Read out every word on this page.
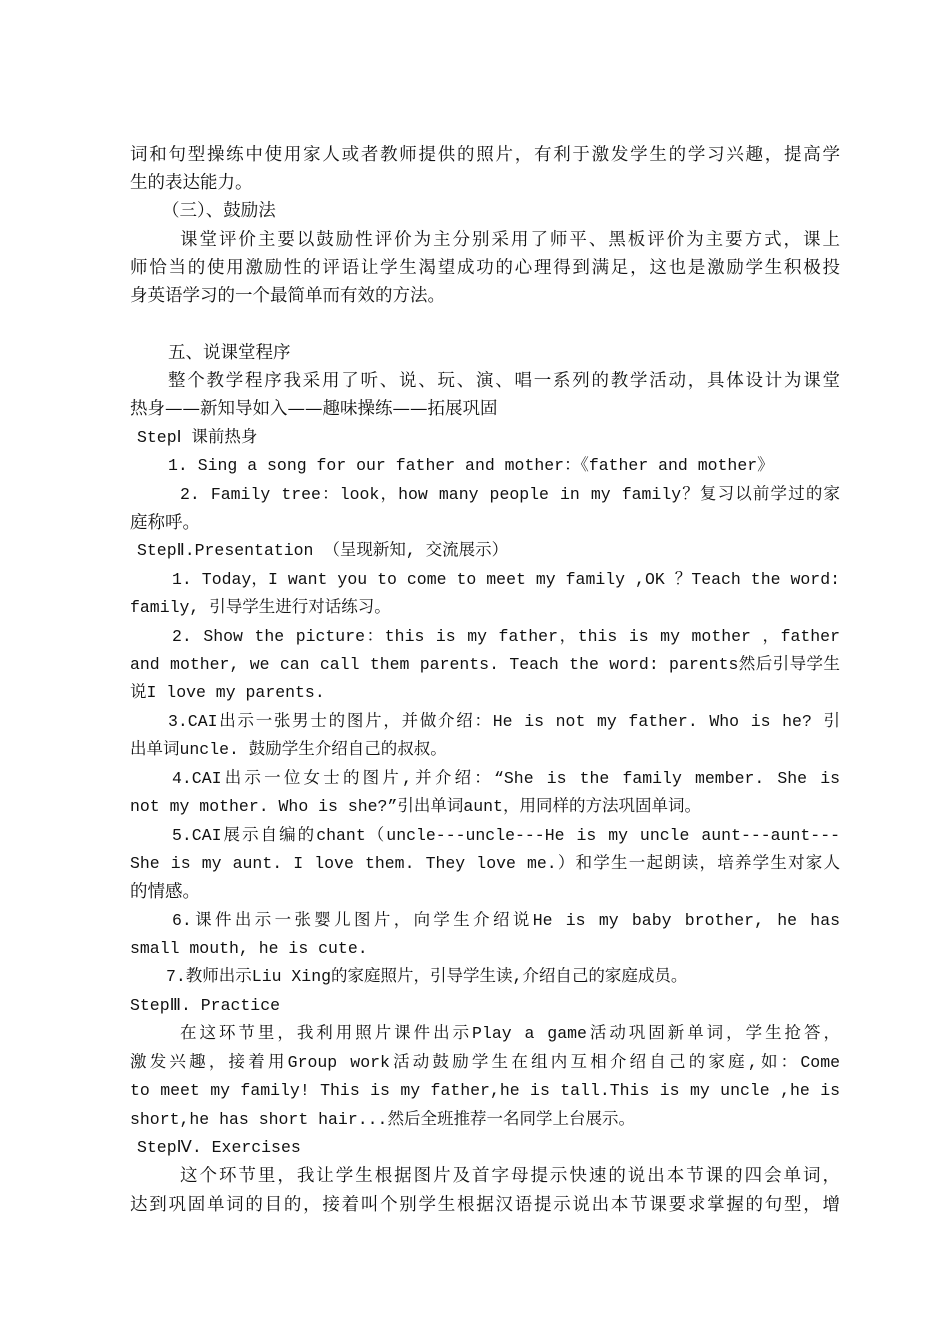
词和句型操练中使用家人或者教师提供的照片，有利于激发学生的学习兴趣，提高学
生的表达能力。
（三）、鼓励法
课堂评价主要以鼓励性评价为主分别采用了师平、黑板评价为主要方式，课上
师恰当的使用激励性的评语让学生渴望成功的心理得到满足，这也是激励学生积极投
身英语学习的一个最简单而有效的方法。
五、说课堂程序
整个教学程序我采用了听、说、玩、演、唱一系列的教学活动，具体设计为课堂
热身——新知导如入——趣味操练——拓展巩固
StepⅠ 课前热身
1. Sing a song for our father and mother：《father and mother》
2. Family tree：look，how many people in my family？复习以前学过的家
庭称呼。
StepⅡ.Presentation （呈现新知, 交流展示）
1. Today，I want you to come to meet my family ,OK ？Teach the word:
family, 引导学生进行对话练习。
2. Show the picture：this is my father，this is my mother ，father
and mother, we can call them parents. Teach the word: parents然后引导学生
说I love my parents.
3.CAI出示一张男士的图片，并做介绍：He is not my father. Who is he? 引
出单词uncle. 鼓励学生介绍自己的叔叔。
4.CAI出示一位女士的图片,并介绍：“She is the family member. She is
not my mother. Who is she?”引出单词aunt，用同样的方法巩固单词。
5.CAI展示自编的chant（uncle---uncle---He is my uncle aunt---aunt---
She is my aunt. I love them. They love me.）和学生一起朗读，培养学生对家人
的情感。
6.课件出示一张婴儿图片，向学生介绍说He is my baby brother, he has
small mouth, he is cute.
7.教师出示Liu Xing的家庭照片，引导学生读,介绍自己的家庭成员。
StepⅢ. Practice
在这环节里，我利用照片课件出示Play a game活动巩固新单词，学生抢答，
激发兴趣，接着用Group work活动鼓励学生在组内互相介绍自己的家庭,如：Come
to meet my family! This is my father,he is tall.This is my uncle ,he is
short,he has short hair...然后全班推荐一名同学上台展示。
StepⅣ. Exercises
这个环节里，我让学生根据图片及首字母提示快速的说出本节课的四会单词，
达到巩固单词的目的，接着叫个别学生根据汉语提示说出本节课要求掌握的句型，增
